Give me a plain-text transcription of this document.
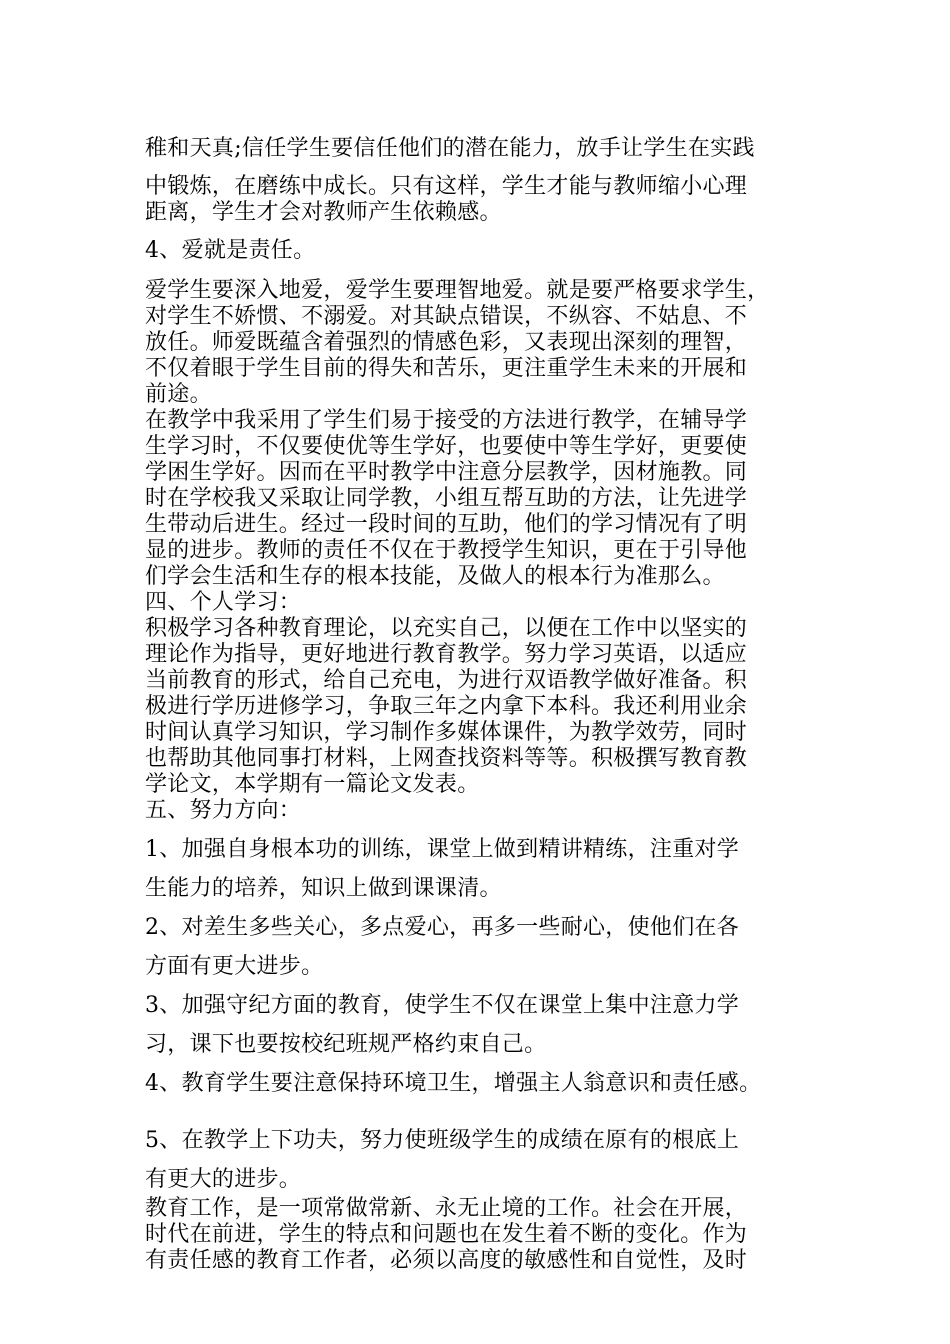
稚和天真;信任学生要信任他们的潜在能力，放手让学生在实践
中锻炼，在磨练中成长。只有这样，学生才能与教师缩小心理
距离，学生才会对教师产生依赖感。
4、爱就是责任。
爱学生要深入地爱，爱学生要理智地爱。就是要严格要求学生，
对学生不娇惯、不溺爱。对其缺点错误，不纵容、不姑息、不
放任。师爱既蕴含着强烈的情感色彩，又表现出深刻的理智，
不仅着眼于学生目前的得失和苦乐，更注重学生未来的开展和
前途。
在教学中我采用了学生们易于接受的方法进行教学，在辅导学
生学习时，不仅要使优等生学好，也要使中等生学好，更要使
学困生学好。因而在平时教学中注意分层教学，因材施教。同
时在学校我又采取让同学教，小组互帮互助的方法，让先进学
生带动后进生。经过一段时间的互助，他们的学习情况有了明
显的进步。教师的责任不仅在于教授学生知识，更在于引导他
们学会生活和生存的根本技能，及做人的根本行为准那么。
四、个人学习：
积极学习各种教育理论，以充实自己，以便在工作中以坚实的
理论作为指导，更好地进行教育教学。努力学习英语，以适应
当前教育的形式，给自己充电，为进行双语教学做好准备。积
极进行学历进修学习，争取三年之内拿下本科。我还利用业余
时间认真学习知识，学习制作多媒体课件，为教学效劳，同时
也帮助其他同事打材料，上网查找资料等等。积极撰写教育教
学论文，本学期有一篇论文发表。
五、努力方向：
1、加强自身根本功的训练，课堂上做到精讲精练，注重对学
生能力的培养，知识上做到课课清。
2、对差生多些关心，多点爱心，再多一些耐心，使他们在各
方面有更大进步。
3、加强守纪方面的教育，使学生不仅在课堂上集中注意力学
习，课下也要按校纪班规严格约束自己。
4、教育学生要注意保持环境卫生，增强主人翁意识和责任感。
5、在教学上下功夫，努力使班级学生的成绩在原有的根底上
有更大的进步。
教育工作，是一项常做常新、永无止境的工作。社会在开展，
时代在前进，学生的特点和问题也在发生着不断的变化。作为
有责任感的教育工作者，必须以高度的敏感性和自觉性，及时
